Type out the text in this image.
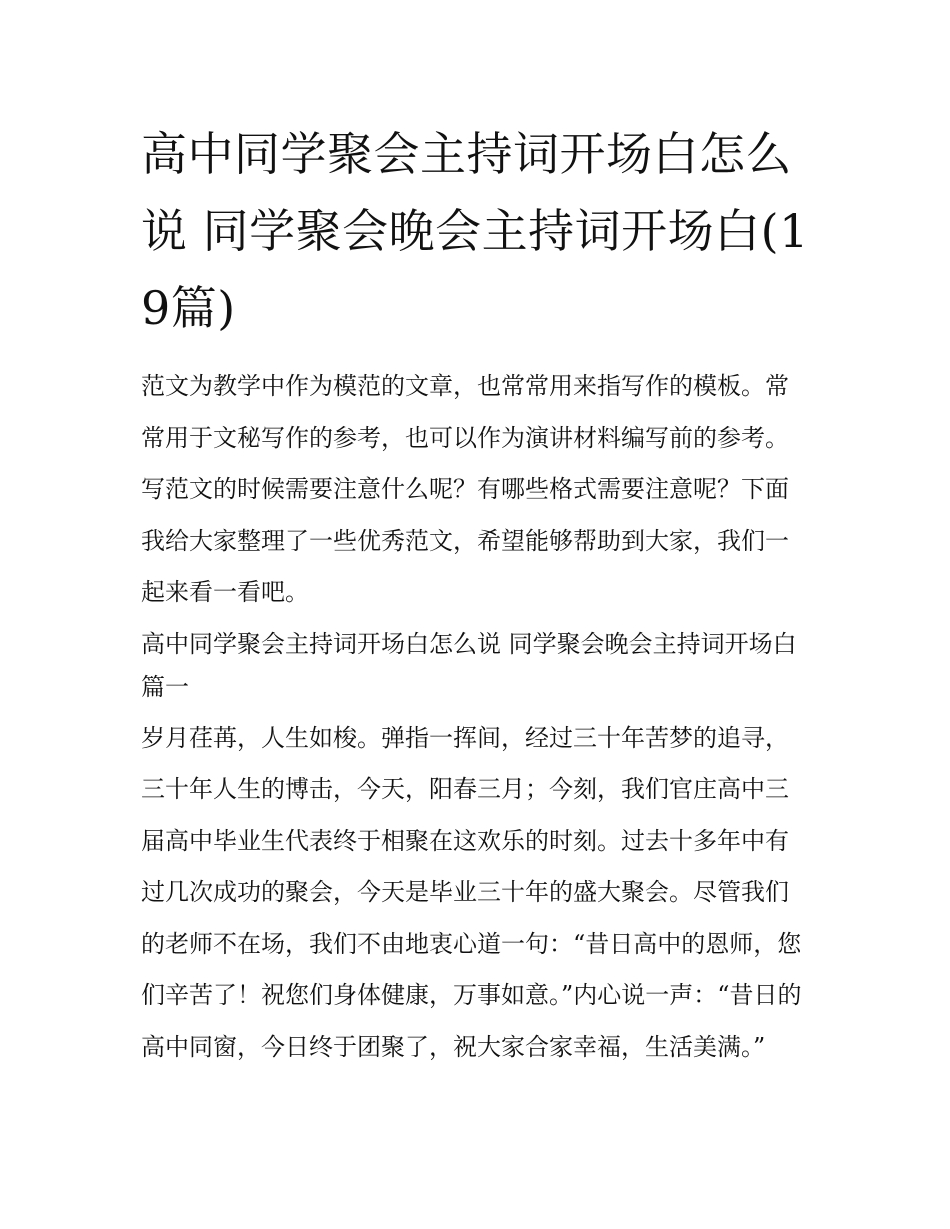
高中同学聚会主持词开场白怎么说 同学聚会晚会主持词开场白(19篇)

范文为教学中作为模范的文章，也常常用来指写作的模板。常常用于文秘写作的参考，也可以作为演讲材料编写前的参考。写范文的时候需要注意什么呢？有哪些格式需要注意呢？下面我给大家整理了一些优秀范文，希望能够帮助到大家，我们一起来看一看吧。

高中同学聚会主持词开场白怎么说 同学聚会晚会主持词开场白篇一

岁月荏苒，人生如梭。弹指一挥间，经过三十年苦梦的追寻，三十年人生的博击，今天，阳春三月；今刻，我们官庄高中三届高中毕业生代表终于相聚在这欢乐的时刻。过去十多年中有过几次成功的聚会，今天是毕业三十年的盛大聚会。尽管我们的老师不在场，我们不由地衷心道一句：“昔日高中的恩师，您们辛苦了！祝您们身体健康，万事如意。”内心说一声：“昔日的高中同窗，今日终于团聚了，祝大家合家幸福，生活美满。”
